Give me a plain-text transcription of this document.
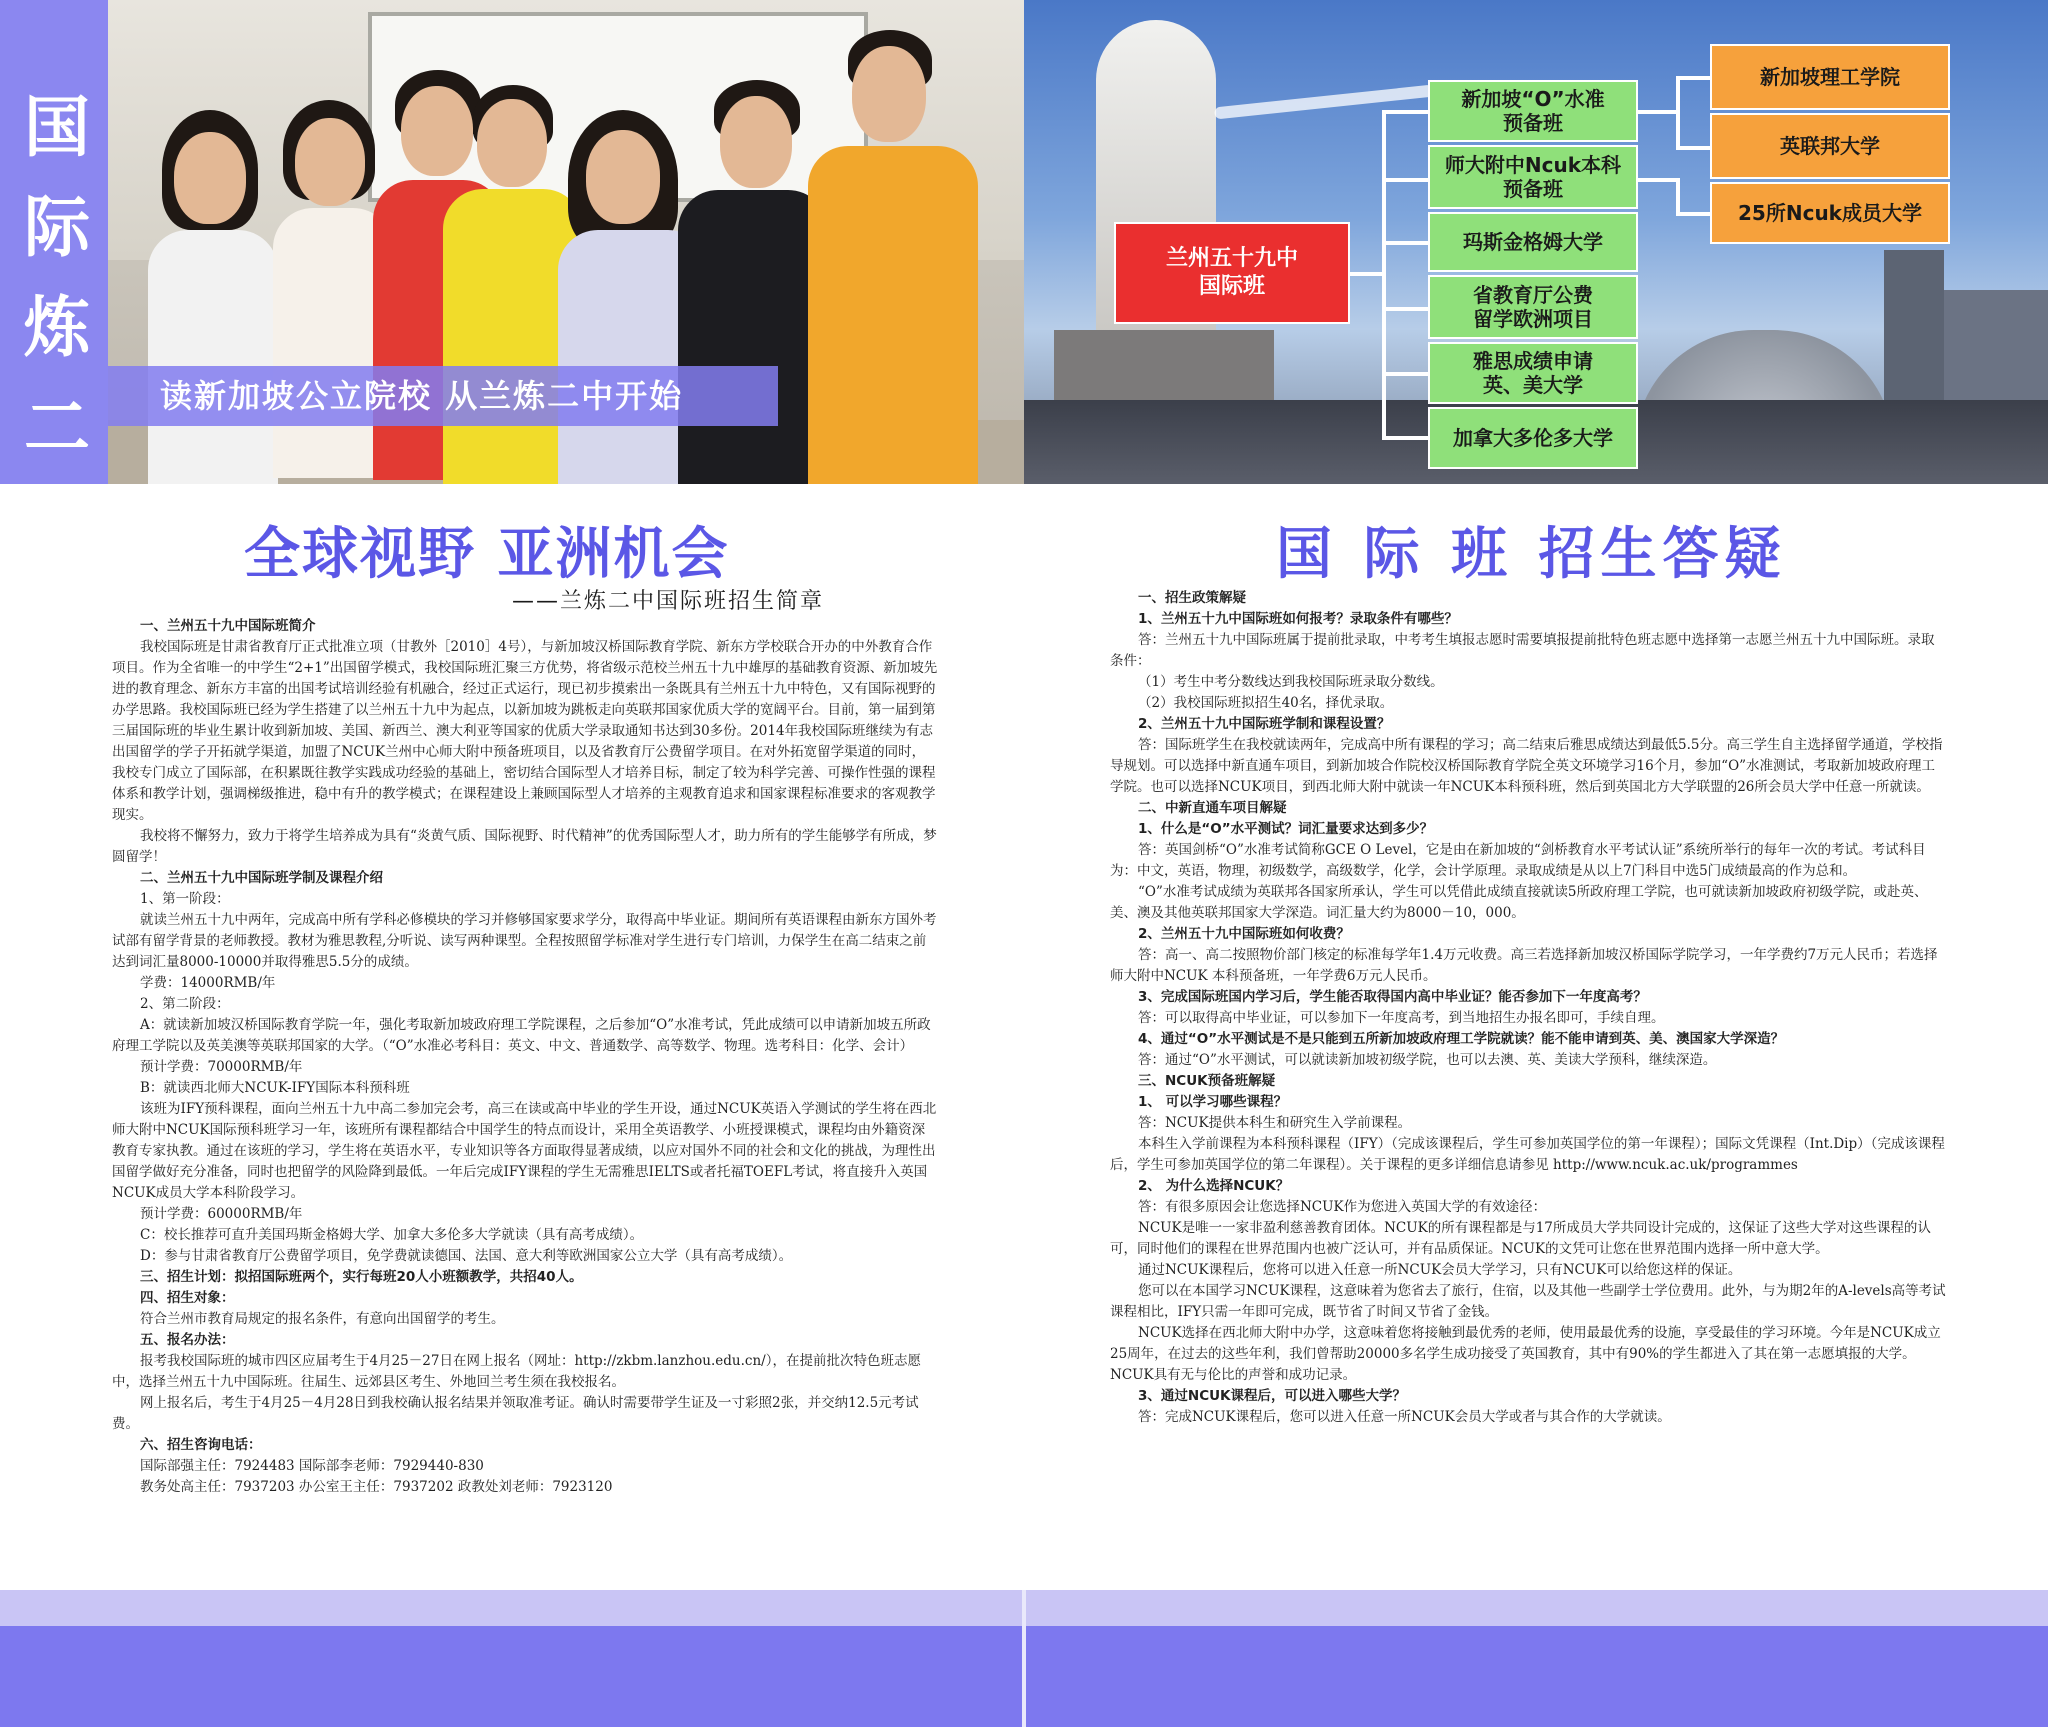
国际炼二 读新加坡公立院校 从兰炼二中开始
兰州五十九中
国际班
新加坡“O”水准
预备班
师大附中Ncuk本科
预备班
玛斯金格姆大学
省教育厅公费
留学欧洲项目
雅思成绩申请
英、美大学
加拿大多伦多大学
新加坡理工学院
英联邦大学
25所Ncuk成员大学
全球视野 亚洲机会
——兰炼二中国际班招生简章
国 际 班 招生答疑

一、兰州五十九中国际班简介

我校国际班是甘肃省教育厅正式批准立项（甘教外［2010］4号），与新加坡汉桥国际教育学院、新东方学校联合开办的中外教育合作项目。作为全省唯一的中学生“2+1”出国留学模式，我校国际班汇聚三方优势，将省级示范校兰州五十九中雄厚的基础教育资源、新加坡先进的教育理念、新东方丰富的出国考试培训经验有机融合，经过正式运行，现已初步摸索出一条既具有兰州五十九中特色，又有国际视野的办学思路。我校国际班已经为学生搭建了以兰州五十九中为起点，以新加坡为跳板走向英联邦国家优质大学的宽阔平台。目前，第一届到第三届国际班的毕业生累计收到新加坡、美国、新西兰、澳大利亚等国家的优质大学录取通知书达到30多份。2014年我校国际班继续为有志出国留学的学子开拓就学渠道，加盟了NCUK兰州中心师大附中预备班项目，以及省教育厅公费留学项目。在对外拓宽留学渠道的同时，我校专门成立了国际部，在积累既往教学实践成功经验的基础上，密切结合国际型人才培养目标，制定了较为科学完善、可操作性强的课程体系和教学计划，强调梯级推进，稳中有升的教学模式；在课程建设上兼顾国际型人才培养的主观教育追求和国家课程标准要求的客观教学现实。

我校将不懈努力，致力于将学生培养成为具有“炎黄气质、国际视野、时代精神”的优秀国际型人才，助力所有的学生能够学有所成，梦圆留学！

二、兰州五十九中国际班学制及课程介绍

1、第一阶段：

就读兰州五十九中两年，完成高中所有学科必修模块的学习并修够国家要求学分，取得高中毕业证。期间所有英语课程由新东方国外考试部有留学背景的老师教授。教材为雅思教程,分听说、读写两种课型。全程按照留学标准对学生进行专门培训，力保学生在高二结束之前达到词汇量8000-10000并取得雅思5.5分的成绩。

学费：14000RMB/年

2、第二阶段：

A：就读新加坡汉桥国际教育学院一年，强化考取新加坡政府理工学院课程，之后参加“O”水准考试，凭此成绩可以申请新加坡五所政府理工学院以及英美澳等英联邦国家的大学。（“O”水准必考科目：英文、中文、普通数学、高等数学、物理。选考科目：化学、会计）

预计学费：70000RMB/年

B：就读西北师大NCUK-IFY国际本科预科班

该班为IFY预科课程，面向兰州五十九中高二参加完会考，高三在读或高中毕业的学生开设，通过NCUK英语入学测试的学生将在西北师大附中NCUK国际预科班学习一年，该班所有课程都结合中国学生的特点而设计，采用全英语教学、小班授课模式，课程均由外籍资深教育专家执教。通过在该班的学习，学生将在英语水平，专业知识等各方面取得显著成绩，以应对国外不同的社会和文化的挑战，为理性出国留学做好充分准备，同时也把留学的风险降到最低。一年后完成IFY课程的学生无需雅思IELTS或者托福TOEFL考试，将直接升入英国NCUK成员大学本科阶段学习。

预计学费：60000RMB/年

C：校长推荐可直升美国玛斯金格姆大学、加拿大多伦多大学就读（具有高考成绩）。

D：参与甘肃省教育厅公费留学项目，免学费就读德国、法国、意大利等欧洲国家公立大学（具有高考成绩）。

三、招生计划：拟招国际班两个，实行每班20人小班额教学，共招40人。

四、招生对象：

符合兰州市教育局规定的报名条件，有意向出国留学的考生。

五、报名办法：

报考我校国际班的城市四区应届考生于4月25－27日在网上报名（网址：http://zkbm.lanzhou.edu.cn/），在提前批次特色班志愿中，选择兰州五十九中国际班。往届生、远郊县区考生、外地回兰考生须在我校报名。

网上报名后，考生于4月25－4月28日到我校确认报名结果并领取准考证。确认时需要带学生证及一寸彩照2张，并交纳12.5元考试费。

六、招生咨询电话：

国际部强主任：7924483 国际部李老师：7929440-830

教务处高主任：7937203 办公室王主任：7937202 政教处刘老师：7923120

一、招生政策解疑

1、兰州五十九中国际班如何报考？录取条件有哪些？

答：兰州五十九中国际班属于提前批录取，中考考生填报志愿时需要填报提前批特色班志愿中选择第一志愿兰州五十九中国际班。录取条件：

（1）考生中考分数线达到我校国际班录取分数线。

（2）我校国际班拟招生40名，择优录取。

2、兰州五十九中国际班学制和课程设置？

答：国际班学生在我校就读两年，完成高中所有课程的学习；高二结束后雅思成绩达到最低5.5分。高三学生自主选择留学通道，学校指导规划。可以选择中新直通车项目，到新加坡合作院校汉桥国际教育学院全英文环境学习16个月，参加“O”水准测试，考取新加坡政府理工学院。也可以选择NCUK项目，到西北师大附中就读一年NCUK本科预科班，然后到英国北方大学联盟的26所会员大学中任意一所就读。

二、中新直通车项目解疑

1、什么是“O”水平测试？词汇量要求达到多少？

答：英国剑桥“O”水准考试简称GCE O Level，它是由在新加坡的“剑桥教育水平考试认证”系统所举行的每年一次的考试。考试科目为：中文，英语，物理，初级数学，高级数学，化学，会计学原理。录取成绩是从以上7门科目中选5门成绩最高的作为总和。

“O”水准考试成绩为英联邦各国家所承认，学生可以凭借此成绩直接就读5所政府理工学院，也可就读新加坡政府初级学院，或赴英、美、澳及其他英联邦国家大学深造。词汇量大约为8000－10，000。

2、兰州五十九中国际班如何收费？

答：高一、高二按照物价部门核定的标准每学年1.4万元收费。高三若选择新加坡汉桥国际学院学习，一年学费约7万元人民币；若选择师大附中NCUK 本科预备班，一年学费6万元人民币。

3、完成国际班国内学习后，学生能否取得国内高中毕业证？能否参加下一年度高考？

答：可以取得高中毕业证，可以参加下一年度高考，到当地招生办报名即可，手续自理。

4、通过“O”水平测试是不是只能到五所新加坡政府理工学院就读？能不能申请到英、美、澳国家大学深造？

答：通过“O”水平测试，可以就读新加坡初级学院，也可以去澳、英、美读大学预科，继续深造。

三、NCUK预备班解疑

1、 可以学习哪些课程？

答：NCUK提供本科生和研究生入学前课程。

本科生入学前课程为本科预科课程（IFY）（完成该课程后，学生可参加英国学位的第一年课程）；国际文凭课程（Int.Dip）（完成该课程后，学生可参加英国学位的第二年课程）。关于课程的更多详细信息请参见 http://www.ncuk.ac.uk/programmes

2、 为什么选择NCUK？

答：有很多原因会让您选择NCUK作为您进入英国大学的有效途径：

NCUK是唯一一家非盈利慈善教育团体。NCUK的所有课程都是与17所成员大学共同设计完成的，这保证了这些大学对这些课程的认可，同时他们的课程在世界范围内也被广泛认可，并有品质保证。NCUK的文凭可让您在世界范围内选择一所中意大学。

通过NCUK课程后，您将可以进入任意一所NCUK会员大学学习，只有NCUK可以给您这样的保证。

您可以在本国学习NCUK课程，这意味着为您省去了旅行，住宿，以及其他一些副学士学位费用。此外，与为期2年的A-levels高等考试课程相比，IFY只需一年即可完成，既节省了时间又节省了金钱。

NCUK选择在西北师大附中办学，这意味着您将接触到最优秀的老师，使用最最优秀的设施，享受最佳的学习环境。今年是NCUK成立25周年，在过去的这些年利，我们曾帮助20000多名学生成功接受了英国教育，其中有90%的学生都进入了其在第一志愿填报的大学。NCUK具有无与伦比的声誉和成功记录。

3、通过NCUK课程后，可以进入哪些大学？

答：完成NCUK课程后，您可以进入任意一所NCUK会员大学或者与其合作的大学就读。
